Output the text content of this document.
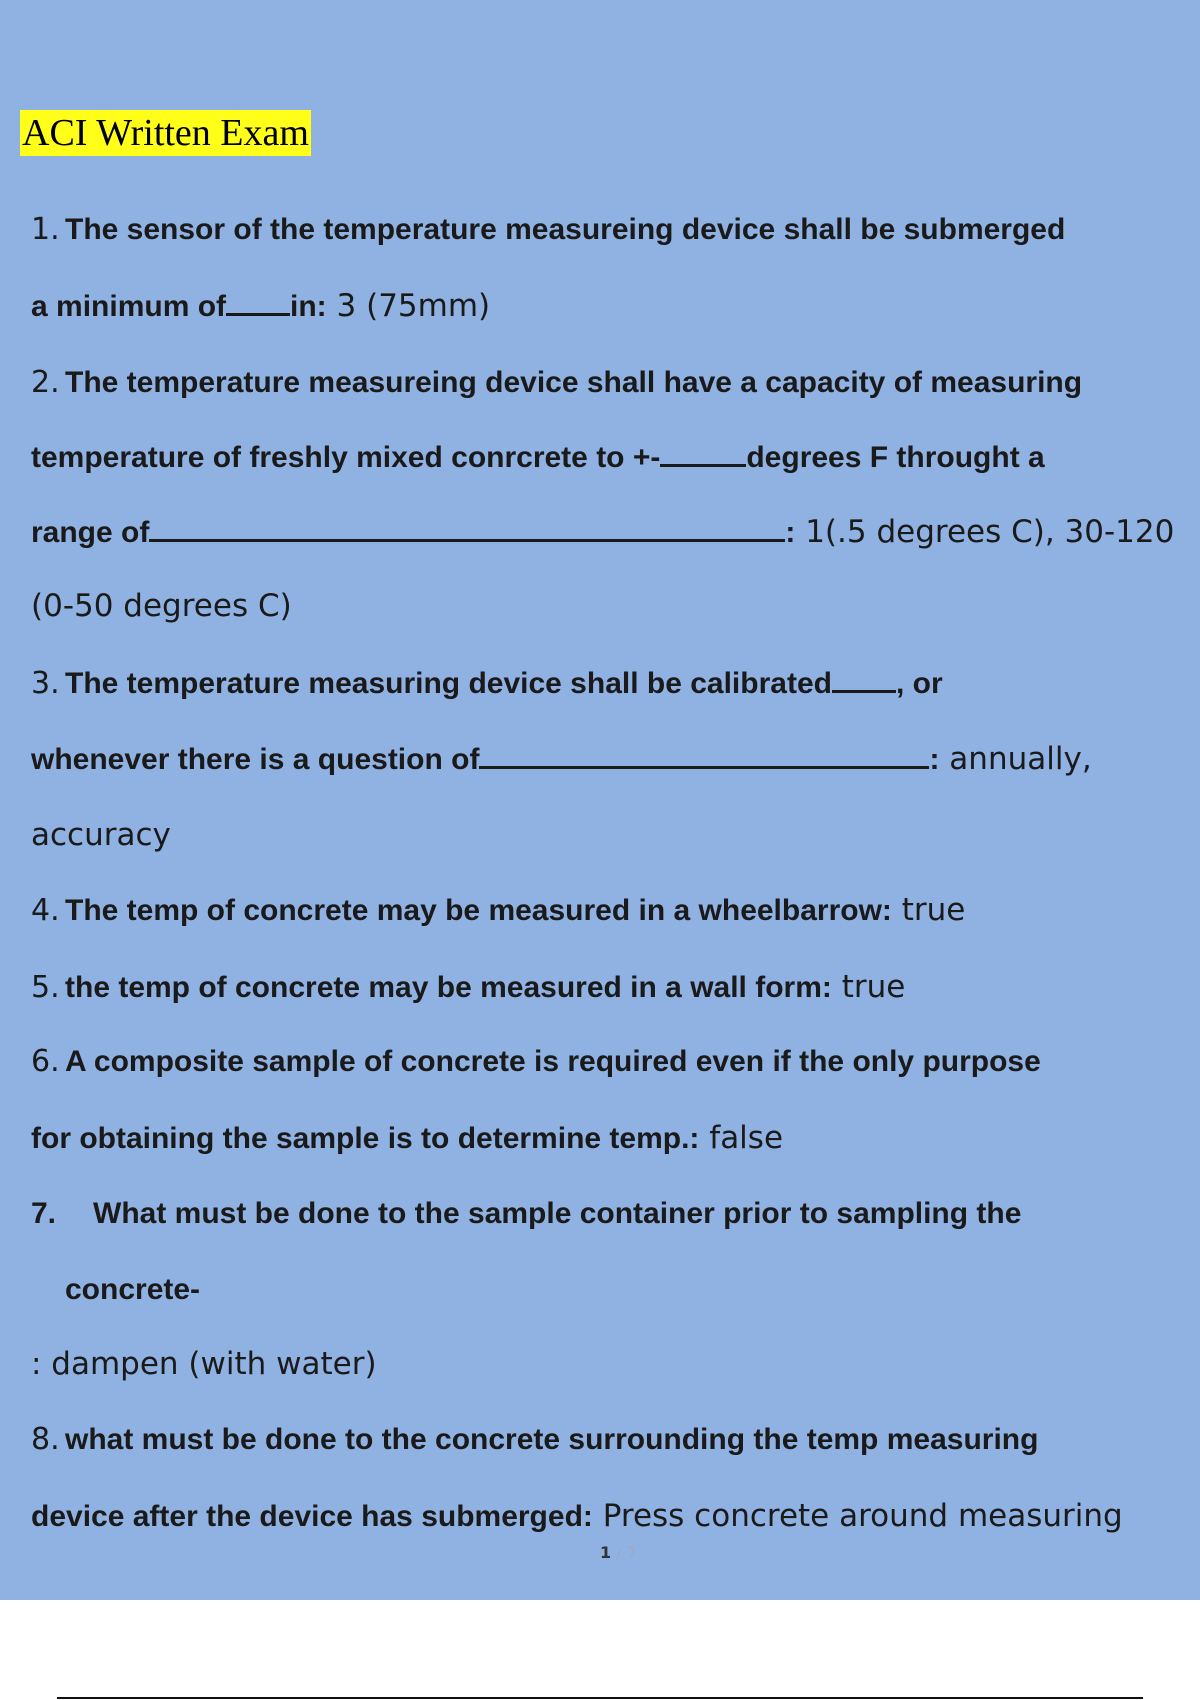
ACI Written Exam
1. The sensor of the temperature measureing device shall be submerged
a minimum of in: 3 (75mm)
2. The temperature measureing device shall have a capacity of measuring
temperature of freshly mixed conrcrete to +-	degrees F throught a
range of	: 1(.5 degrees C), 30-120
(0-50 degrees C)
3. The temperature measuring device shall be calibrated , or
whenever there is a question of	: annually,
accuracy
4. The temp of concrete may be measured in a wheelbarrow: true
5. the temp of concrete may be measured in a wall form: true
6. A composite sample of concrete is required even if the only purpose
for obtaining the sample is to determine temp.: false
7. What must be done to the sample container prior to sampling the
concrete-
: dampen (with water)
8. what must be done to the concrete surrounding the temp measuring
device after the device has submerged: Press concrete around measuring
1 / 7
